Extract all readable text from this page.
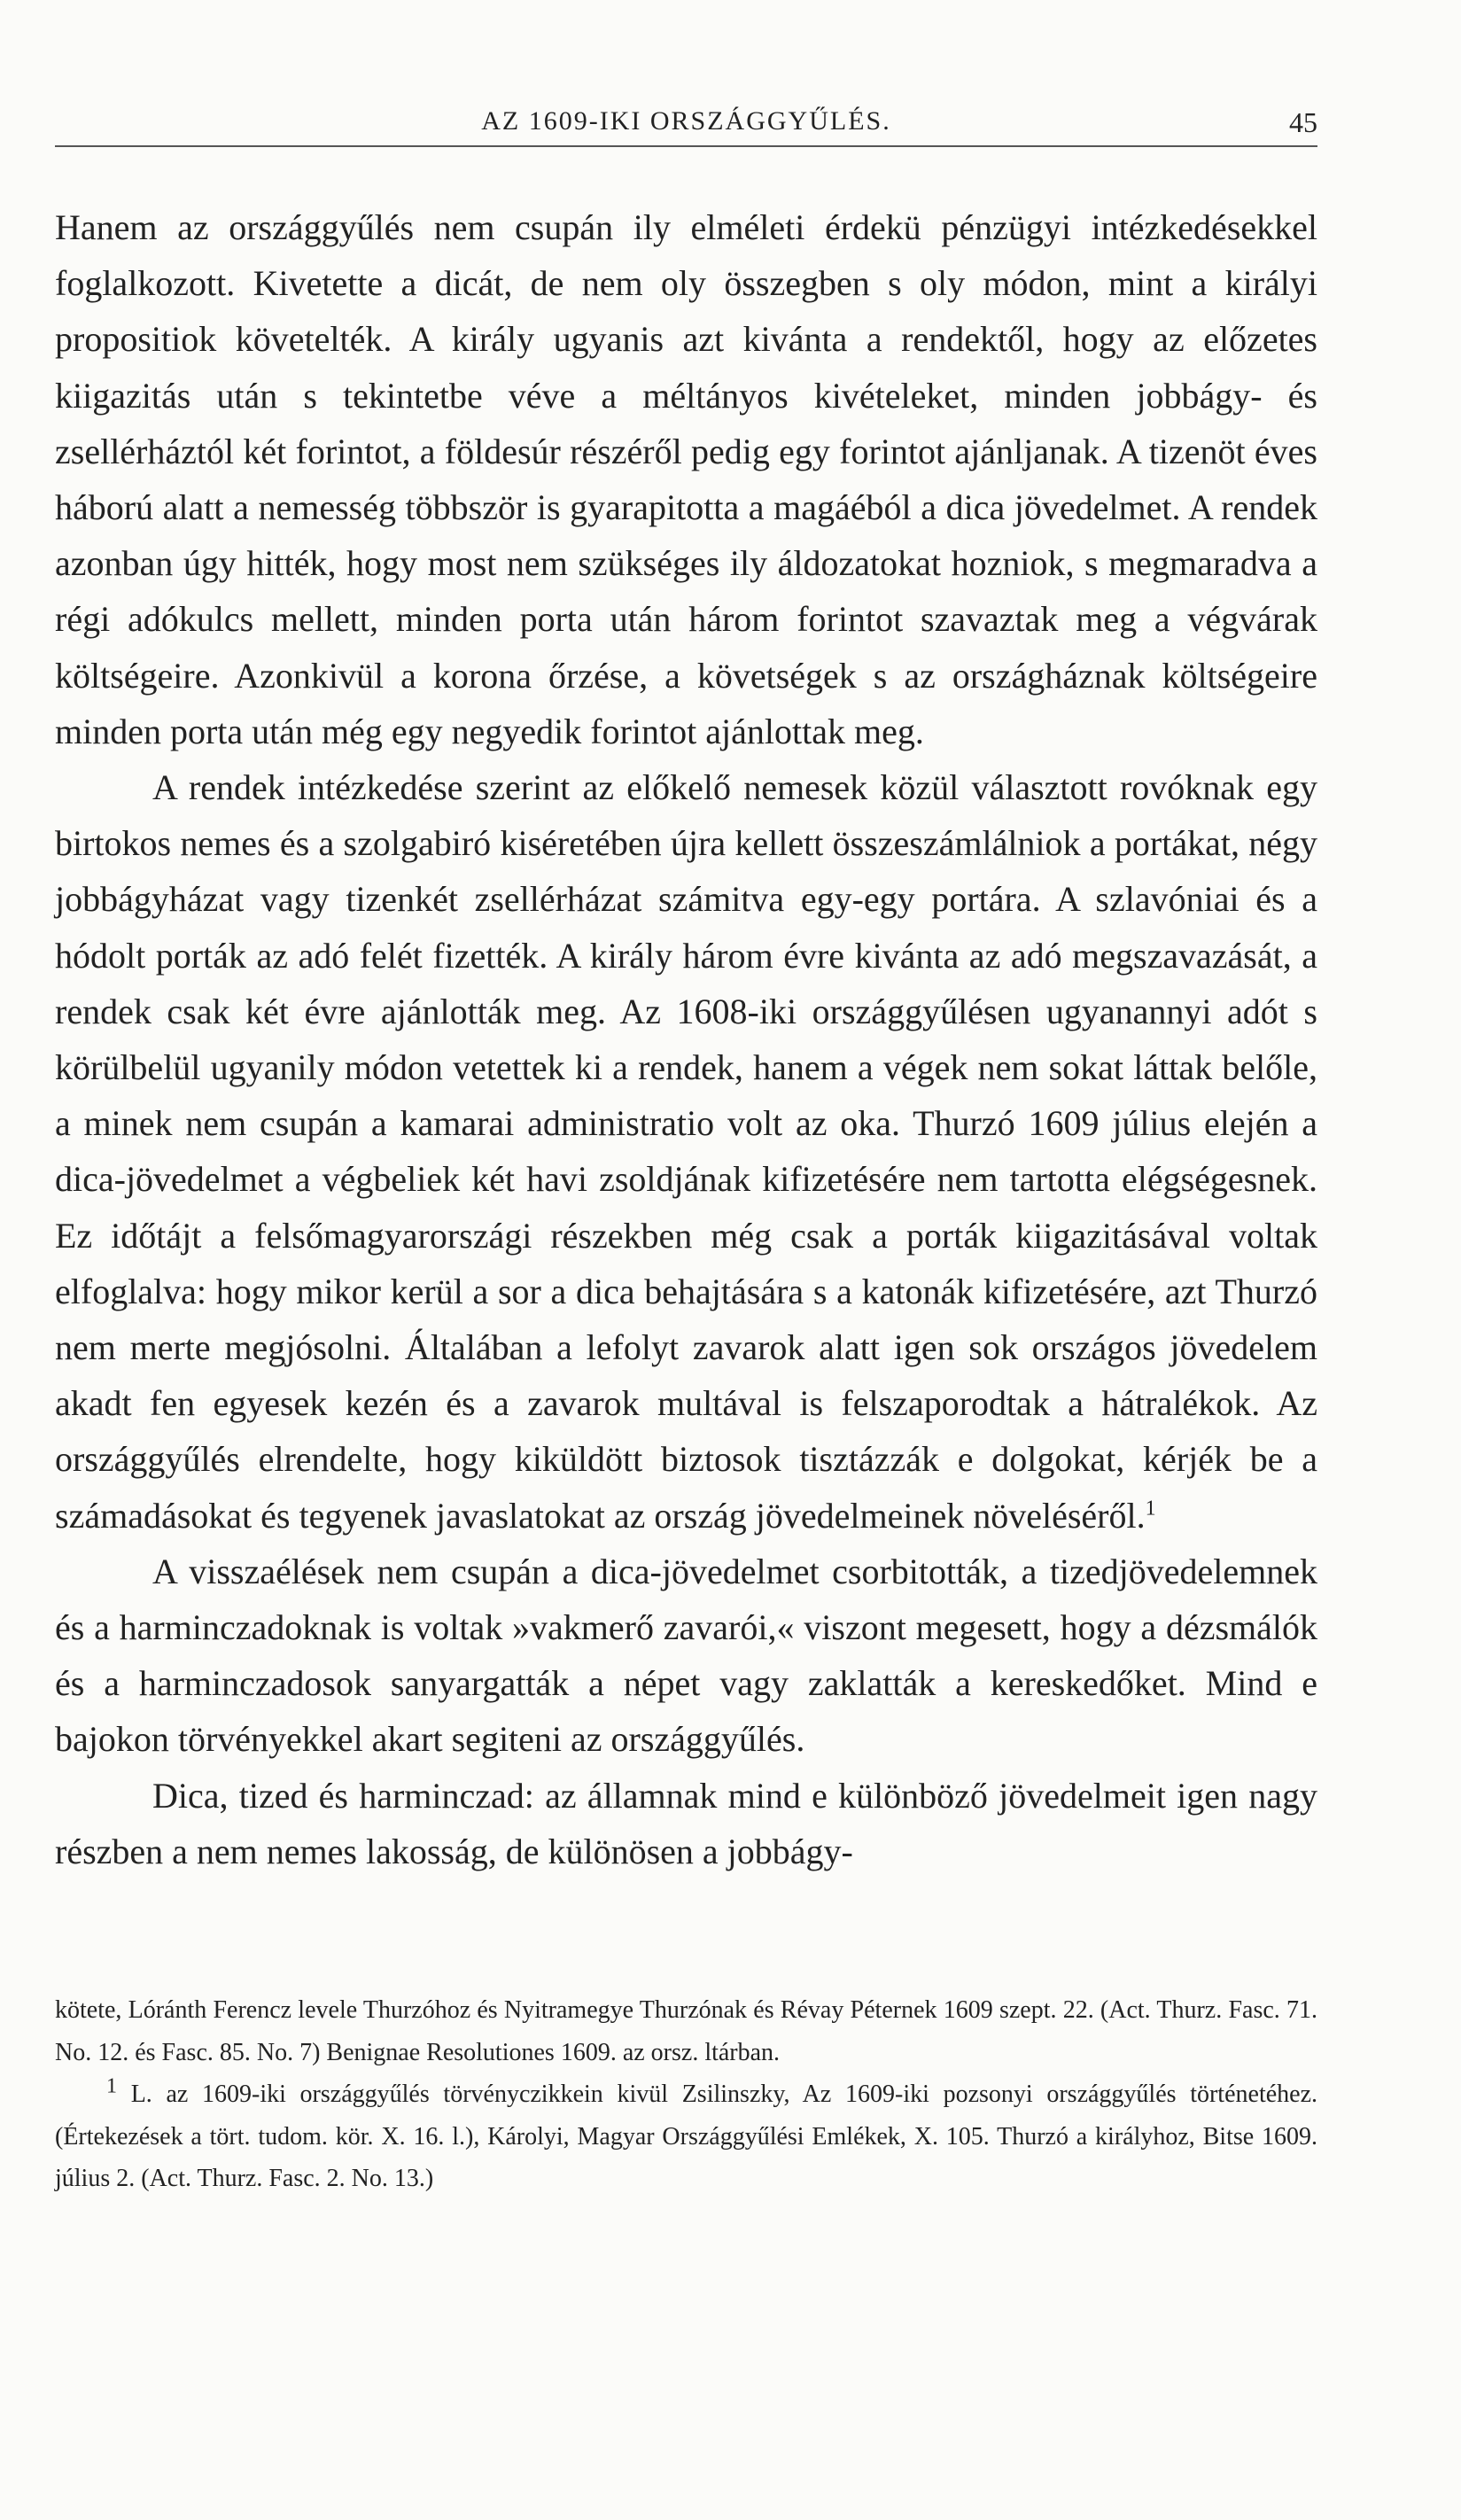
AZ 1609-IKI ORSZÁGGYŰLÉS.	45

Hanem az országgyűlés nem csupán ily elméleti érdekü pénzügyi intézkedésekkel foglalkozott. Kivetette a dicát, de nem oly összegben s oly módon, mint a királyi propositiok követelték. A király ugyanis azt kivánta a rendektől, hogy az előzetes kiigazitás után s tekintetbe véve a méltányos kivételeket, minden jobbágy- és zsellérháztól két forintot, a földesúr részéről pedig egy forintot ajánljanak. A tizenöt éves háború alatt a nemesség többször is gyarapitotta a magáéból a dica jövedelmet. A rendek azonban úgy hitték, hogy most nem szükséges ily áldozatokat hozniok, s megmaradva a régi adókulcs mellett, minden porta után három forintot szavaztak meg a végvárak költségeire. Azonkivül a korona őrzése, a követségek s az országháznak költségeire minden porta után még egy negyedik forintot ajánlottak meg.

A rendek intézkedése szerint az előkelő nemesek közül választott rovóknak egy birtokos nemes és a szolgabiró kiséretében újra kellett összeszámlálniok a portákat, négy jobbágyházat vagy tizenkét zsellérházat számitva egy-egy portára. A szlavóniai és a hódolt porták az adó felét fizették. A király három évre kivánta az adó megszavazását, a rendek csak két évre ajánlották meg. Az 1608-iki országgyűlésen ugyanannyi adót s körülbelül ugyanily módon vetettek ki a rendek, hanem a végek nem sokat láttak belőle, a minek nem csupán a kamarai administratio volt az oka. Thurzó 1609 július elején a dica-jövedelmet a végbeliek két havi zsoldjának kifizetésére nem tartotta elégségesnek. Ez időtájt a felsőmagyarországi részekben még csak a porták kiigazitásával voltak elfoglalva: hogy mikor kerül a sor a dica behajtására s a katonák kifizetésére, azt Thurzó nem merte megjósolni. Általában a lefolyt zavarok alatt igen sok országos jövedelem akadt fen egyesek kezén és a zavarok multával is felszaporodtak a hátralékok. Az országgyűlés elrendelte, hogy kiküldött biztosok tisztázzák e dolgokat, kérjék be a számadásokat és tegyenek javaslatokat az ország jövedelmeinek növeléséről.$^1$

A visszaélések nem csupán a dica-jövedelmet csorbitották, a tizedjövedelemnek és a harminczadoknak is voltak »vakmerő zavarói,« viszont megesett, hogy a dézsmálók és a harminczadosok sanyargatták a népet vagy zaklatták a kereskedőket. Mind e bajokon törvényekkel akart segiteni az országgyűlés.

Dica, tized és harminczad: az államnak mind e különböző jövedelmeit igen nagy részben a nem nemes lakosság, de különösen a jobbágy-

kötete, Lóránth Ferencz levele Thurzóhoz és Nyitramegye Thurzónak és Révay Péternek 1609 szept. 22. (Act. Thurz. Fasc. 71. No. 12. és Fasc. 85. No. 7) Benignae Resolutiones 1609. az orsz. ltárban.

$^1$ L. az 1609-iki országgyűlés törvényczikkein kivül Zsilinszky, Az 1609-iki pozsonyi országgyűlés történetéhez. (Értekezések a tört. tudom. kör. X. 16. l.), Károlyi, Magyar Országgyűlési Emlékek, X. 105. Thurzó a királyhoz, Bitse 1609. július 2. (Act. Thurz. Fasc. 2. No. 13.)
